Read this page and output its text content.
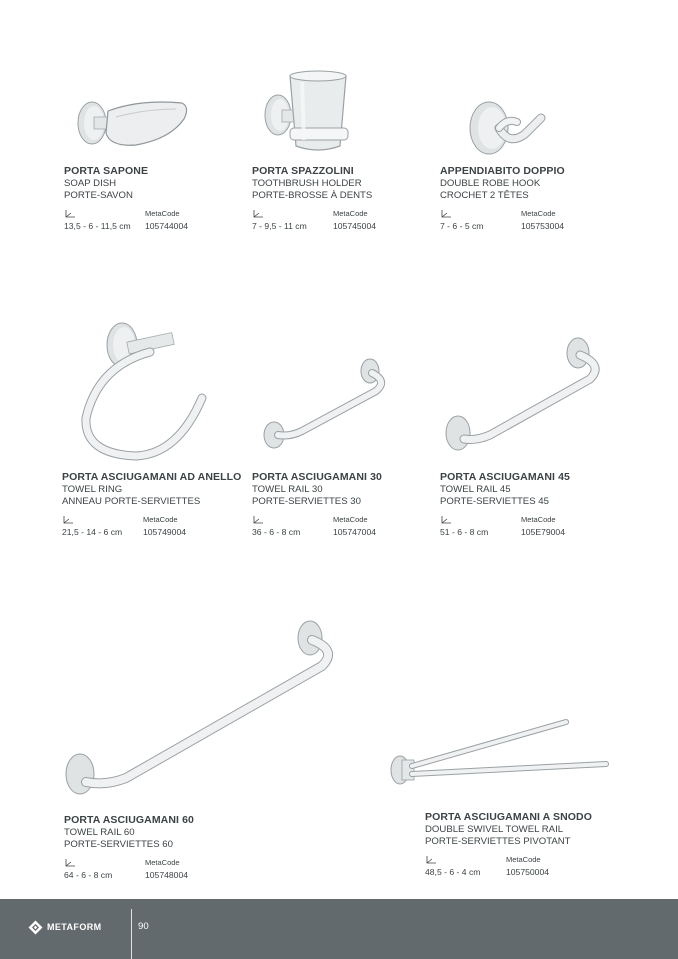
PORTA SAPONE
SOAP DISH
PORTE-SAVON
MetaCode
13,5 - 6 - 11,5 cm 105744004
PORTA SPAZZOLINI
TOOTHBRUSH HOLDER
PORTE-BROSSE À DENTS
MetaCode
7 - 9,5 - 11 cm	105745004
APPENDIABITO DOPPIO
DOUBLE ROBE HOOK
CROCHET 2 TÊTES
MetaCode
7 - 6 - 5 cm	105753004
PORTA ASCIUGAMANI AD ANELLO
TOWEL RING
ANNEAU PORTE-SERVIETTES
MetaCode
21,5 - 14 - 6 cm 105749004
PORTA ASCIUGAMANI 30
TOWEL RAIL 30
PORTE-SERVIETTES 30
MetaCode
36 - 6 - 8 cm	105747004
PORTA ASCIUGAMANI 45
TOWEL RAIL 45
PORTE-SERVIETTES 45
MetaCode
51 - 6 - 8 cm	105E79004
PORTA ASCIUGAMANI 60
TOWEL RAIL 60
PORTE-SERVIETTES 60
MetaCode
64 - 6 - 8 cm	105748004
PORTA ASCIUGAMANI A SNODO
DOUBLE SWIVEL TOWEL RAIL
PORTE-SERVIETTES PIVOTANT
MetaCode
48,5 - 6 - 4 cm	105750004
METAFORM	90
